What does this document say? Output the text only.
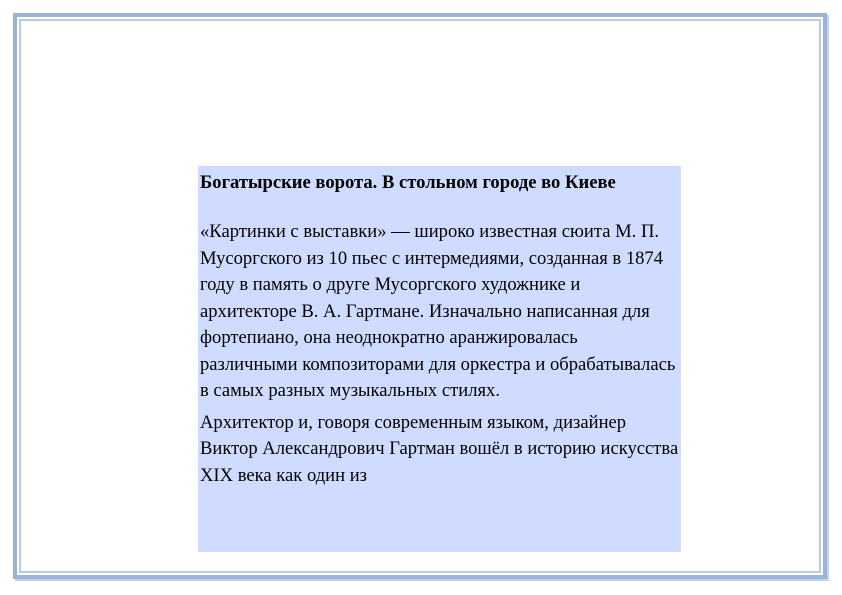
Богатырские ворота. В стольном городе во Киеве
«Картинки с выставки» — широко известная сюита М. П. Мусоргского из 10 пьес с интермедиями, созданная в 1874 году в память о друге Мусоргского художнике и архитекторе В. А. Гартмане. Изначально написанная для фортепиано, она неоднократно аранжировалась различными композиторами для оркестра и обрабатывалась в самых разных музыкальных стилях.
Архитектор и, говоря современным языком, дизайнер Виктор Александрович Гартман вошёл в историю искусства XIX века как один из
